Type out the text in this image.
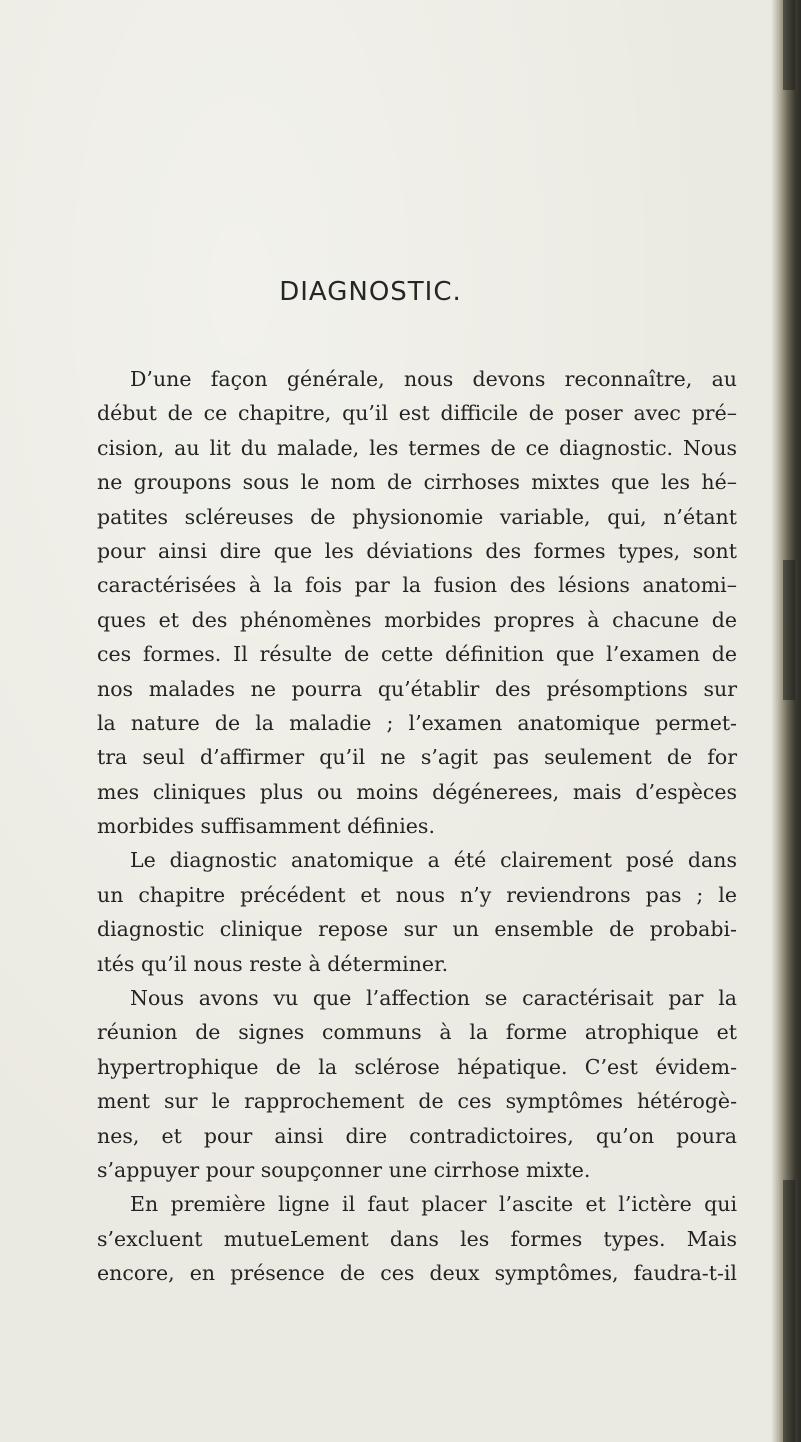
DIAGNOSTIC.
D’une façon générale, nous devons reconnaître, au
début de ce chapitre, qu’il est difficile de poser avec pré–
cision, au lit du malade, les termes de ce diagnostic. Nous
ne groupons sous le nom de cirrhoses mixtes que les hé–
patites scléreuses de physionomie variable, qui, n’étant
pour ainsi dire que les déviations des formes types, sont
caractérisées à la fois par la fusion des lésions anatomi–
ques et des phénomènes morbides propres à chacune de
ces formes. Il résulte de cette définition que l’examen de
nos malades ne pourra qu’établir des présomptions sur
la nature de la maladie ; l’examen anatomique permet-
tra seul d’affirmer qu’il ne s’agit pas seulement de for
mes cliniques plus ou moins dégénerees, mais d’espèces
morbides suffisamment définies.
Le diagnostic anatomique a été clairement posé dans
un chapitre précédent et nous n’y reviendrons pas ; le
diagnostic clinique repose sur un ensemble de probabi-
ıtés qu’il nous reste à déterminer.
Nous avons vu que l’affection se caractérisait par la
réunion de signes communs à la forme atrophique et
hypertrophique de la sclérose hépatique. C’est évidem-
ment sur le rapprochement de ces symptômes hétérogè-
nes, et pour ainsi dire contradictoires, qu’on poura
s’appuyer pour soupçonner une cirrhose mixte.
En première ligne il faut placer l’ascite et l’ictère qui
s’excluent mutueLement dans les formes types. Mais
encore, en présence de ces deux symptômes, faudra-t-il
